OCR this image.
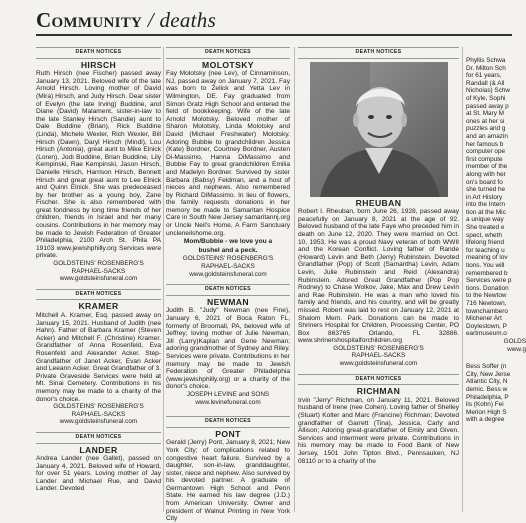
Community / deaths
DEATH NOTICES
HIRSCH

Ruth Hirsch (nee Fischer) passed away January 13, 2021. Beloved wife of the late Arnold Hirsch. Loving mother of David (Mira) Hirsch, and Judy Hirsch. Dear sister of Evelyn (the late Irving) Buddine, and Diane (David) Malament, sister-in-law to the late Stanley Hirsch (Sandie) aunt to Dale Buddine (Brian), Rick Buddine (Linda), Michele Wexler, Rich Wexler, Bill Hirsch (Dawn), Daryl Hirsch (Mindi), Lou Hirsch (Antonia), great aunt to Mike Elnick (Loren), Jodi Buddine, Brian Buddine, Lily Kempinski, Rae Kempinski, Jason Hirsch, Danielle Hirsch, Harrison Hirsch, Bennett Hirsch and great great aunt to Lee Elnick and Quinn Elnick. She was predeceased by her brother as a young boy, Zane Fischer. She is also remembered with great fondness by long time friends of her children, friends in Israel and her many cousins. Contributions in her memory may be made to Jewish Federation of Greater Philadelphia, 2100 Arch St. Phila PA 19103 www.jewishphilly.org Services were private.

GOLDSTEINS' ROSENBERG'S

RAPHAEL-SACKS

www.goldsteinsfuneral.com

DEATH NOTICES
KRAMER

Mitchell A. Kramer, Esq. passed away on January 15, 2021. Husband of Judith (nee Hahn). Father of Barbara Kramer (Steven Acker) and Mitchell F. (Christine) Kramer. Grandfather of Anna Rosenfeld, Eva Rosenfeld and Alexander Acker. Step-Grandfather of Janet Acker, Evan Acker and Leeann Acker. Great Grandfather of 3. Private Graveside Services were held at Mt. Sinai Cemetery. Contributions in his memory may be made to a charity of the donor's choice.

GOLDSTEINS' ROSENBERG'S

RAPHAEL-SACKS

www.goldsteinsfuneral.com

DEATH NOTICES
LANDER

Andrea Lander (nee Gallet), passed on January 4, 2021. Beloved wife of Howard, for over 51 years. Loving mother of Jay Lander and Michael Rue, and David Lander. Devoted

DEATH NOTICES
MOLOTSKY

Fay Molotsky (nee Lev), of Cinnaminson, NJ, passed away on January 7, 2021. Fay was born to Zelick and Yetta Lev in Wilmington, DE. Fay graduated from Simon Gratz High School and entered the field of bookkeeping. Wife of the late Arnold Molotsky. Beloved mother of Sharon Molotsky, Linda Molotsky and David (Michael Freshwater) Molotsky. Adoring Bubbie to grandchildren Jessica (Kate) Bordner, Courtney Bordner, Austen Di-Massimo, Hanna DiMassimo and Bubbie Fay to great grandchildren Emilia and Madelyn Bordner. Survived by sister Barbara (Babsy) Feldman, and a host of nieces and nephews. Also remembered by Richard DiMassimo. In lieu of flowers, the family requests donations in her memory be made to Samaritan Hospice Care in South New Jersey samaritannj.org or Uncle Neil's Home, A Farm Sanctuary uncleneilshome.org.

Mom/Bubbie - we love you a

bushel and a peck.

GOLDSTEINS' ROSENBERG'S

RAPHAEL-SACKS

www.goldsteinsfuneral.com

DEATH NOTICES
NEWMAN

Judith B. "Judy" Newman (nee Fine), January 6, 2021 of Boca Raton FL, formerly of Broomall, PA, beloved wife of Jeffrey; loving mother of Julie Newman, Jill (Larry)Kaplan and Gene Newman; adoring grandmother of Sydney and Riley. Services were private. Contributions in her memory may be made to Jewish Federation of Greater Philadelphia (www.jewishphilly.org) or a charity of the donor's choice.

JOSEPH LEVINE and SONS

www.levinefuneral.com

DEATH NOTICES
PONT

Gerald (Jerry) Pont, January 8, 2021; New York City; of complications related to congestive heart failure. Survived by a daughter, son-in-law, granddaughter, sister, niece and nephew. Also survived by his devoted partner. A graduate of Germantown High School and Penn State. He earned his law degree (J.D.) from American University. Owner and president of Walnut Printing in New York City

DEATH NOTICES
RHEUBAN

Robert I. Rheuban, born June 26, 1928, passed away peacefully on January 8, 2021 at the age of 92. Beloved husband of the late Faye who preceded him in death on June 12, 2020. They were married on Oct. 10, 1953. He was a proud Navy veteran of both WWII and the Korean Conflict. Loving father of Rande (Howard) Levin and Beth (Jerry) Rubinstein. Devoted Grandfather (Pop) of Scott (Samantha) Levin, Adam Levin, Julie Rubinstein and Reid (Alexandra) Rubinstein. Adored Great Grandfather (Pop Pop Rodney) to Chase Wolkov, Jake, Max and Drew Levin and Rae Rubinstein. He was a man who loved his family and friends, and his country, and will be greatly missed. Robert was laid to rest on January 12, 2021 at Shalom Mem. Park. Donations can be made to Shriners Hospital for Children, Processing Center, PO Box 863765 Orlando, FL 32886. www.shrinershospitalforchildren.org

GOLDSTEINS' ROSENBERG'S

RAPHAEL-SACKS

www.goldsteinsfuneral.com

DEATH NOTICES
RICHMAN

Irvin "Jerry" Richman, on January 11, 2021. Beloved husband of Irene (nee Cohen). Loving father of Shelley (Stuart) Kolter and Marc (Francine) Richman; Devoted grandfather of Garrett (Tina), Jessica, Carly and Allison; Adoring great-grandfather of Emily and Given. Services and interment were private. Contributions in his memory may be made to Food Bank of New Jersey, 1501 John Tipton Blvd., Pennsauken, NJ 08110 or to a charity of the

Phyllis Schwa
Dr. Milton Sch
for 61 years,
Randall (& All
Nicholas) Schw
of Kyle, Sophi
passed away p
at St. Mary M
ones at her si
puzzles and g
and an amazin
her famous b
computer ope
first compute
member of the
along with her
on's board fo
she turned he
in Art History
into the Intern
tion at the Mic
a unique way
She treated e
spect, wheth
lifelong friend
for teaching u
meaning of lov
tions. You will
remembered b
Services were p
tions. Donation
to the Newtow
716 Newtown,
townchambero
Michener Art
Doylestown, P
eartmuseum.o

GOLDS

www.g

Bess Soffer (n
City, New Jerse
Atlantic City, N
demic. Bess w
Philadelphia, P
lis (Kohn) Fei
Merion High S
with a degree
